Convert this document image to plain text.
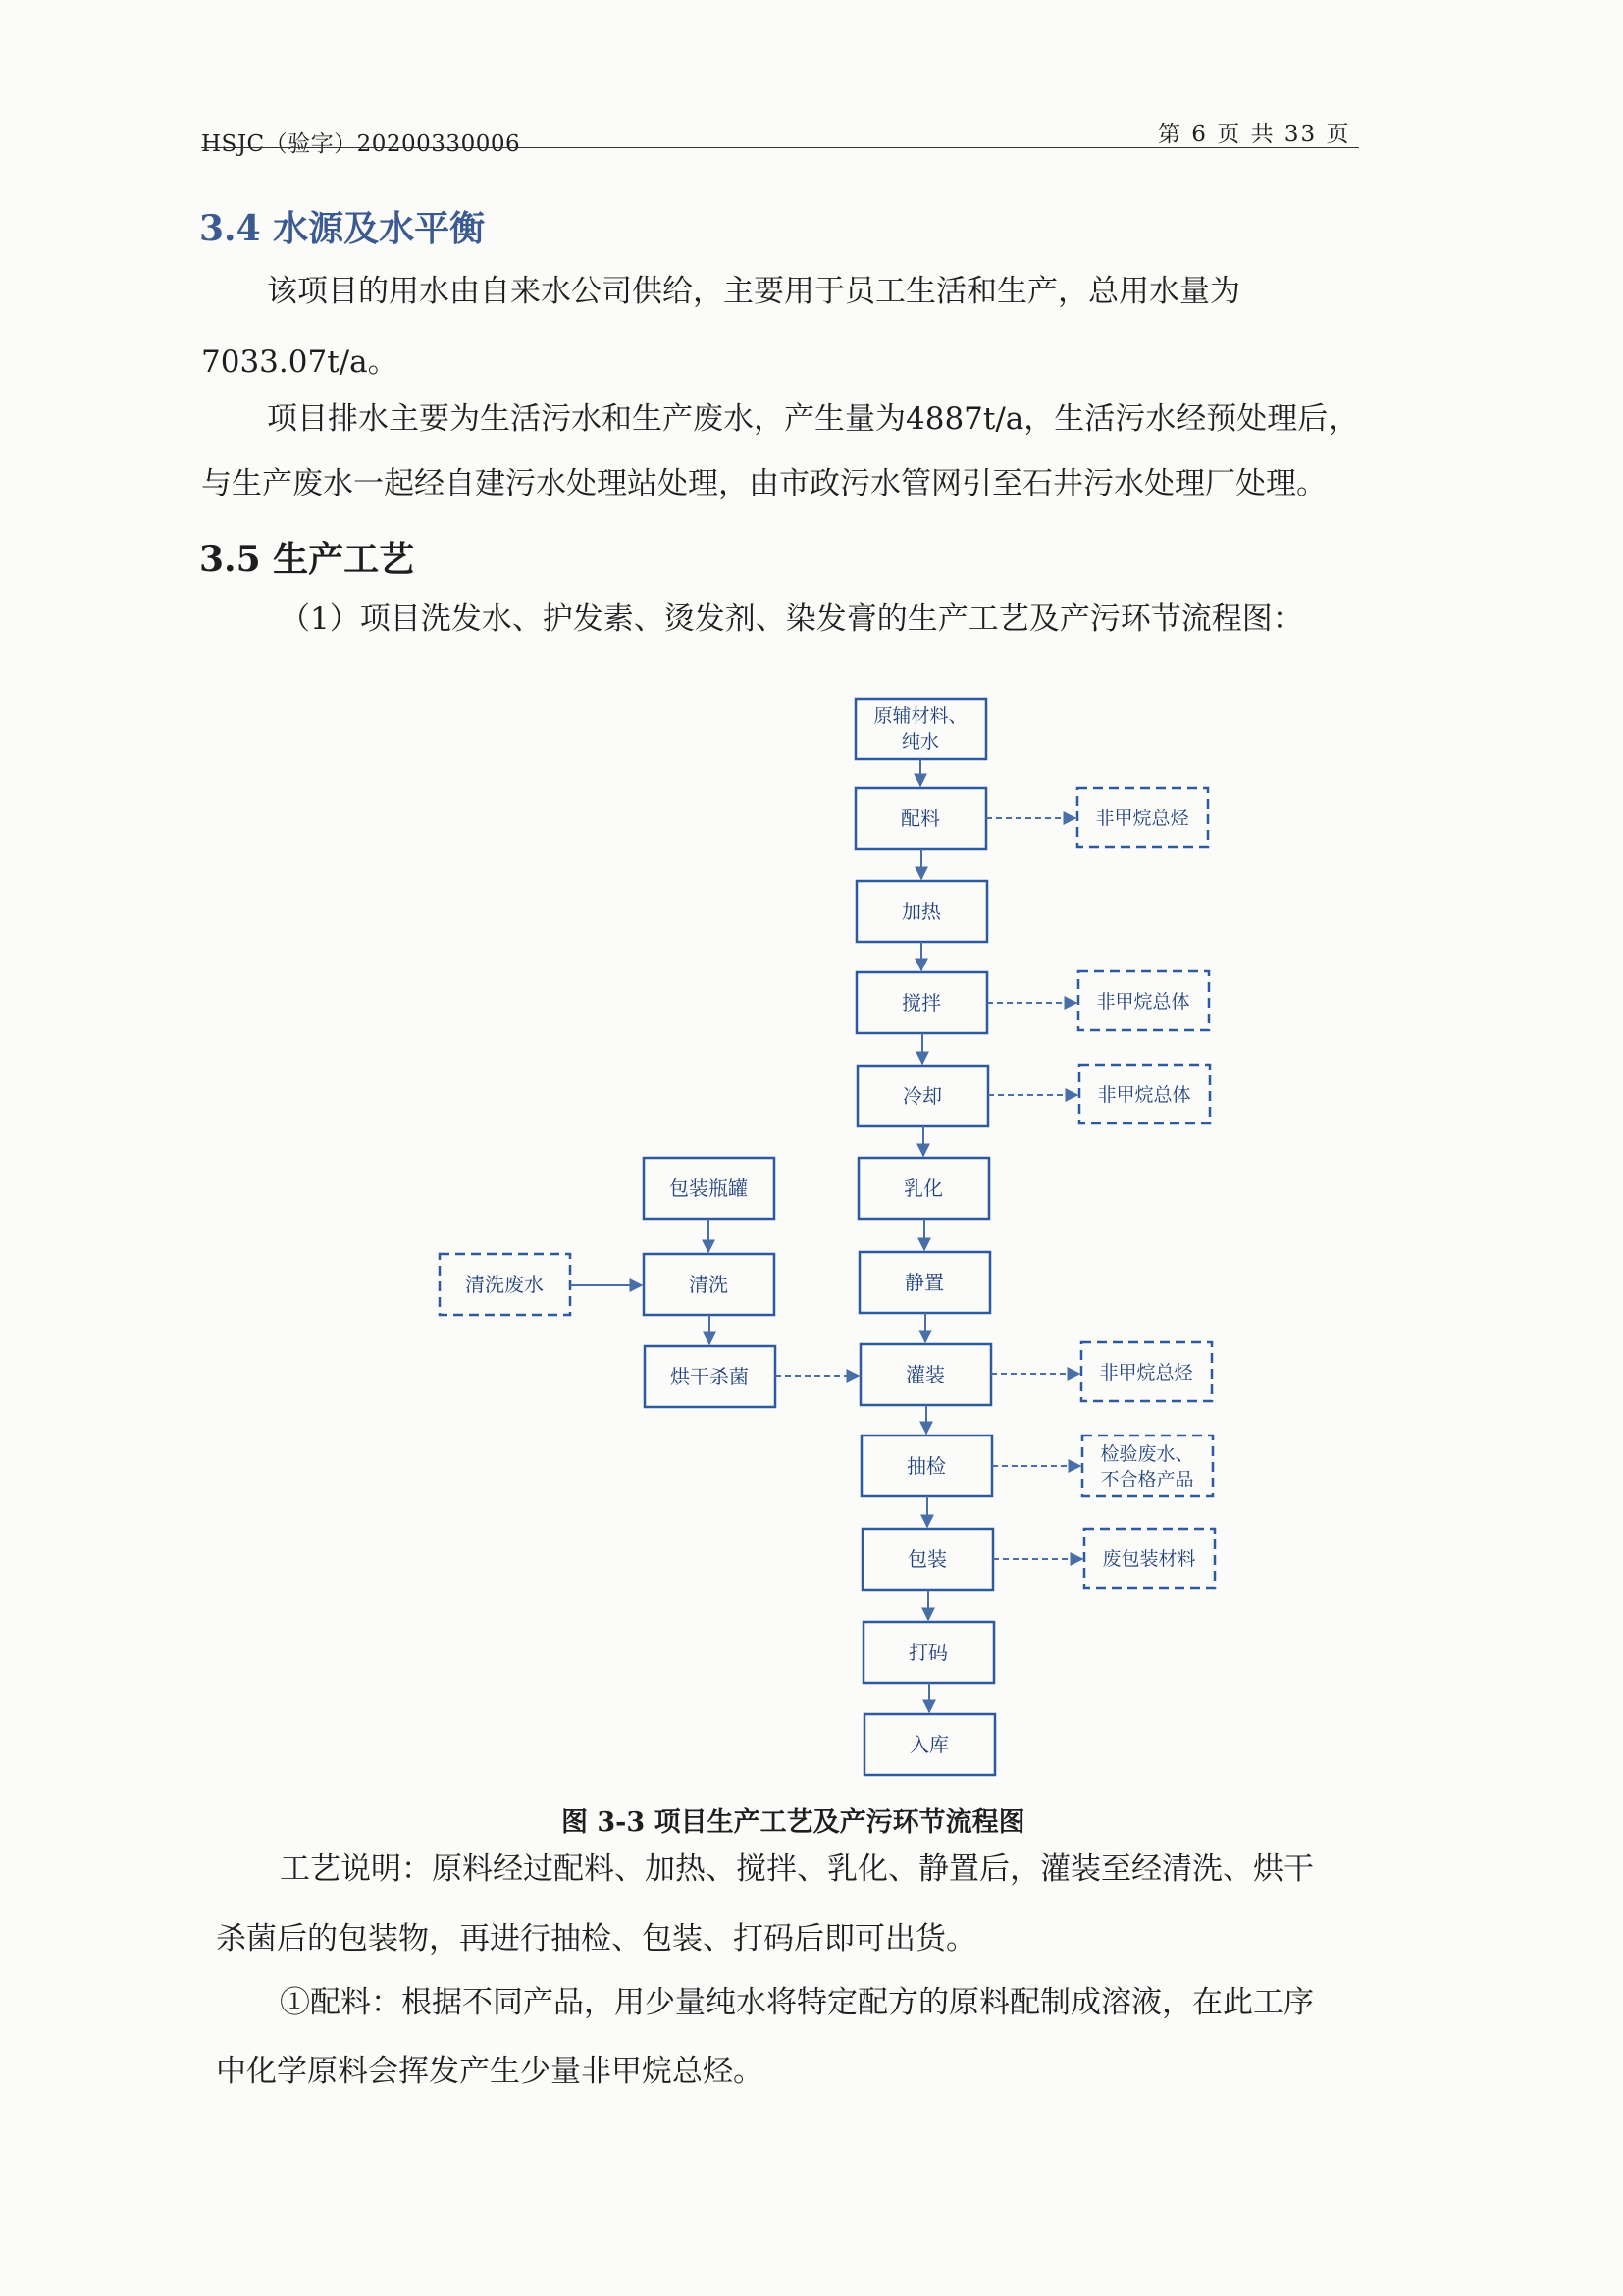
HSJC（验字）20200330006	第 6 页 共 33 页
3.4 水源及水平衡
该项目的用水由自来水公司供给，主要用于员工生活和生产，总用水量为
7033.07t/a。
项目排水主要为生活污水和生产废水，产生量为4887t/a，生活污水经预处理后，
与生产废水一起经自建污水处理站处理，由市政污水管网引至石井污水处理厂处理。
3.5 生产工艺
（1）项目洗发水、护发素、烫发剂、染发膏的生产工艺及产污环节流程图：
原辅材料、
纯水
配料
加热
搅拌
冷却
乳化
静置
灌装
抽检
包装
打码
入库
非甲烷总烃
非甲烷总体
非甲烷总体
非甲烷总烃
检验废水、
不合格产品
废包装材料
包装瓶罐
清洗
烘干杀菌
清洗废水
图 3-3 项目生产工艺及产污环节流程图
工艺说明：原料经过配料、加热、搅拌、乳化、静置后，灌装至经清洗、烘干
杀菌后的包装物，再进行抽检、包装、打码后即可出货。
①配料：根据不同产品，用少量纯水将特定配方的原料配制成溶液，在此工序
中化学原料会挥发产生少量非甲烷总烃。
